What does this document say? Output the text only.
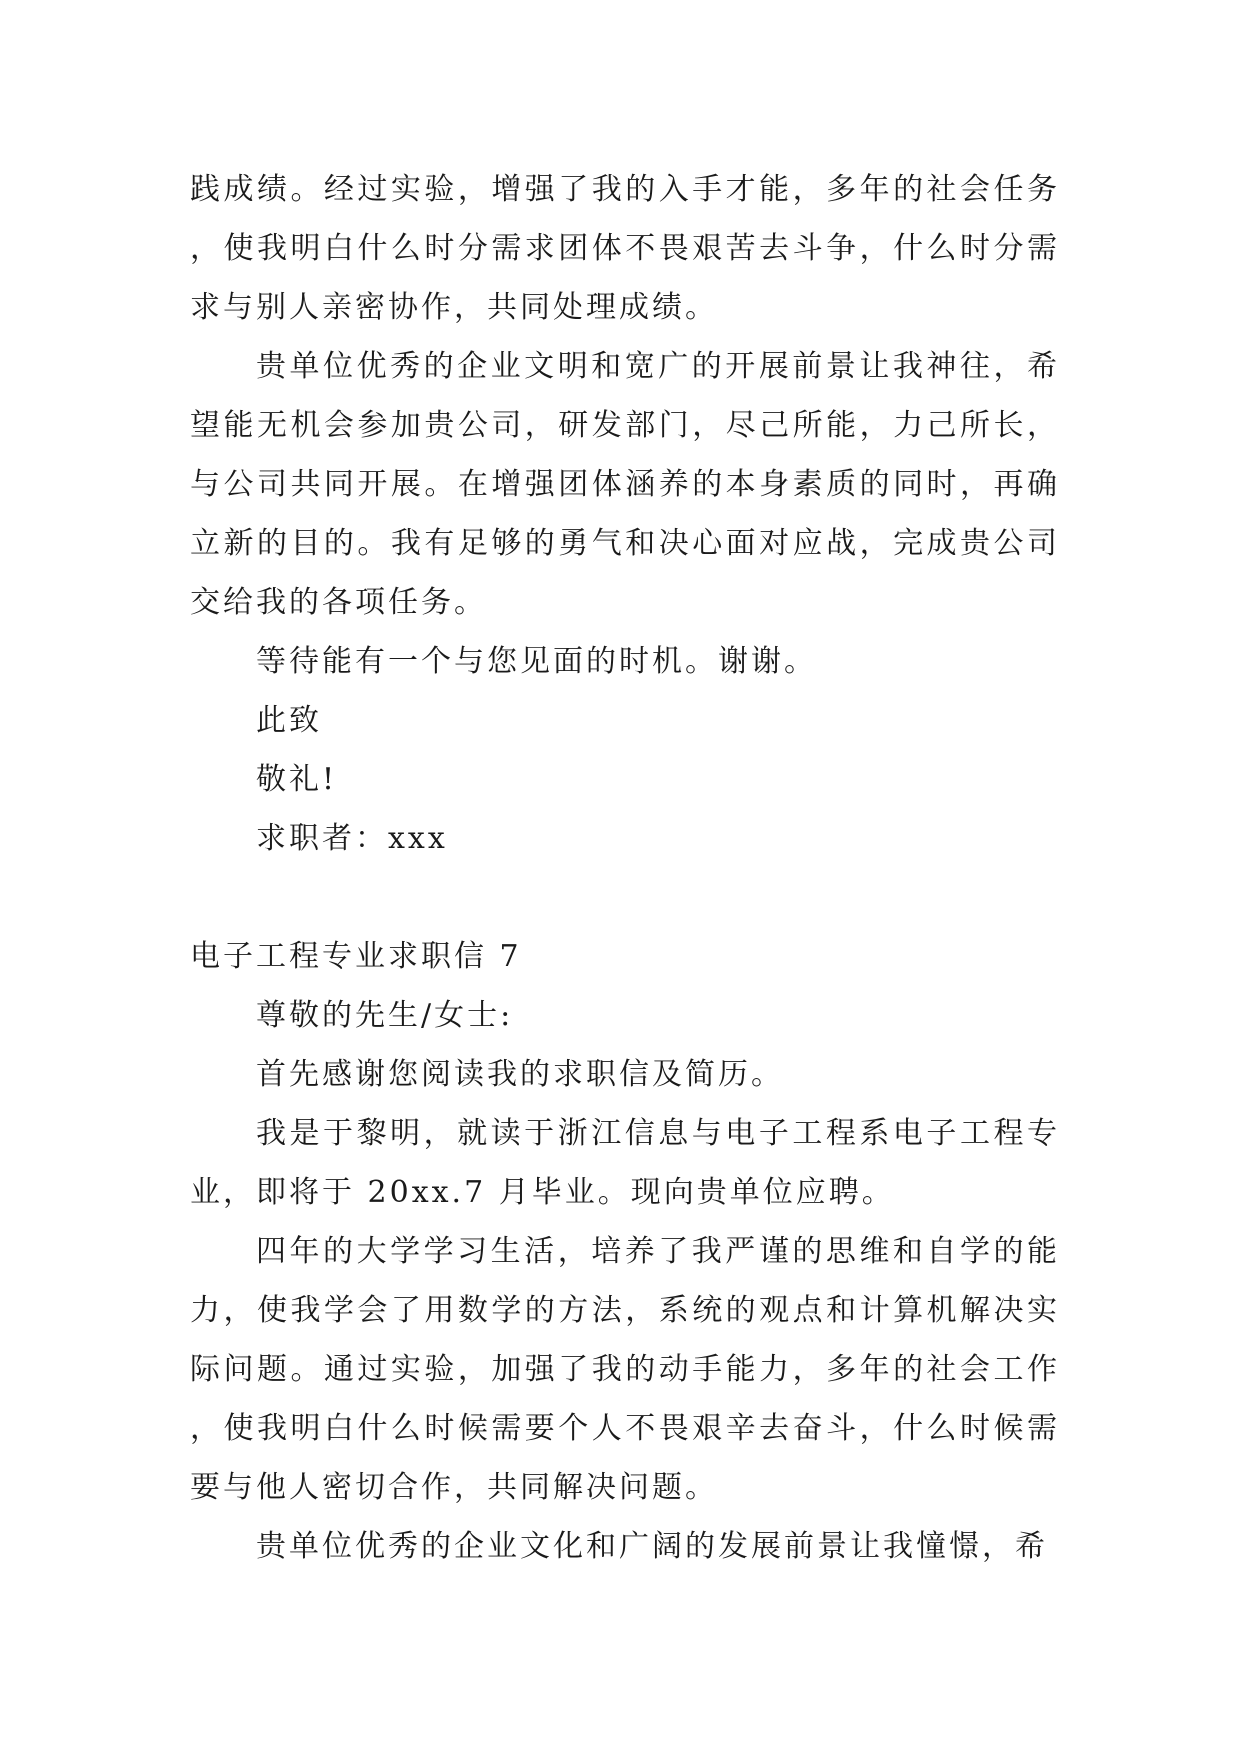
践成绩。经过实验，增强了我的入手才能，多年的社会任务，使我明白什么时分需求团体不畏艰苦去斗争，什么时分需求与别人亲密协作，共同处理成绩。

贵单位优秀的企业文明和宽广的开展前景让我神往，希望能无机会参加贵公司，研发部门，尽己所能，力己所长，与公司共同开展。在增强团体涵养的本身素质的同时，再确立新的目的。我有足够的勇气和决心面对应战，完成贵公司交给我的各项任务。

等待能有一个与您见面的时机。谢谢。

此致

敬礼!

求职者：xxx

电子工程专业求职信 7

尊敬的先生/女士:

首先感谢您阅读我的求职信及简历。

我是于黎明，就读于浙江信息与电子工程系电子工程专业，即将于 20xx.7 月毕业。现向贵单位应聘。

四年的大学学习生活，培养了我严谨的思维和自学的能力，使我学会了用数学的方法，系统的观点和计算机解决实际问题。通过实验，加强了我的动手能力，多年的社会工作，使我明白什么时候需要个人不畏艰辛去奋斗，什么时候需要与他人密切合作，共同解决问题。

贵单位优秀的企业文化和广阔的发展前景让我憧憬，希
